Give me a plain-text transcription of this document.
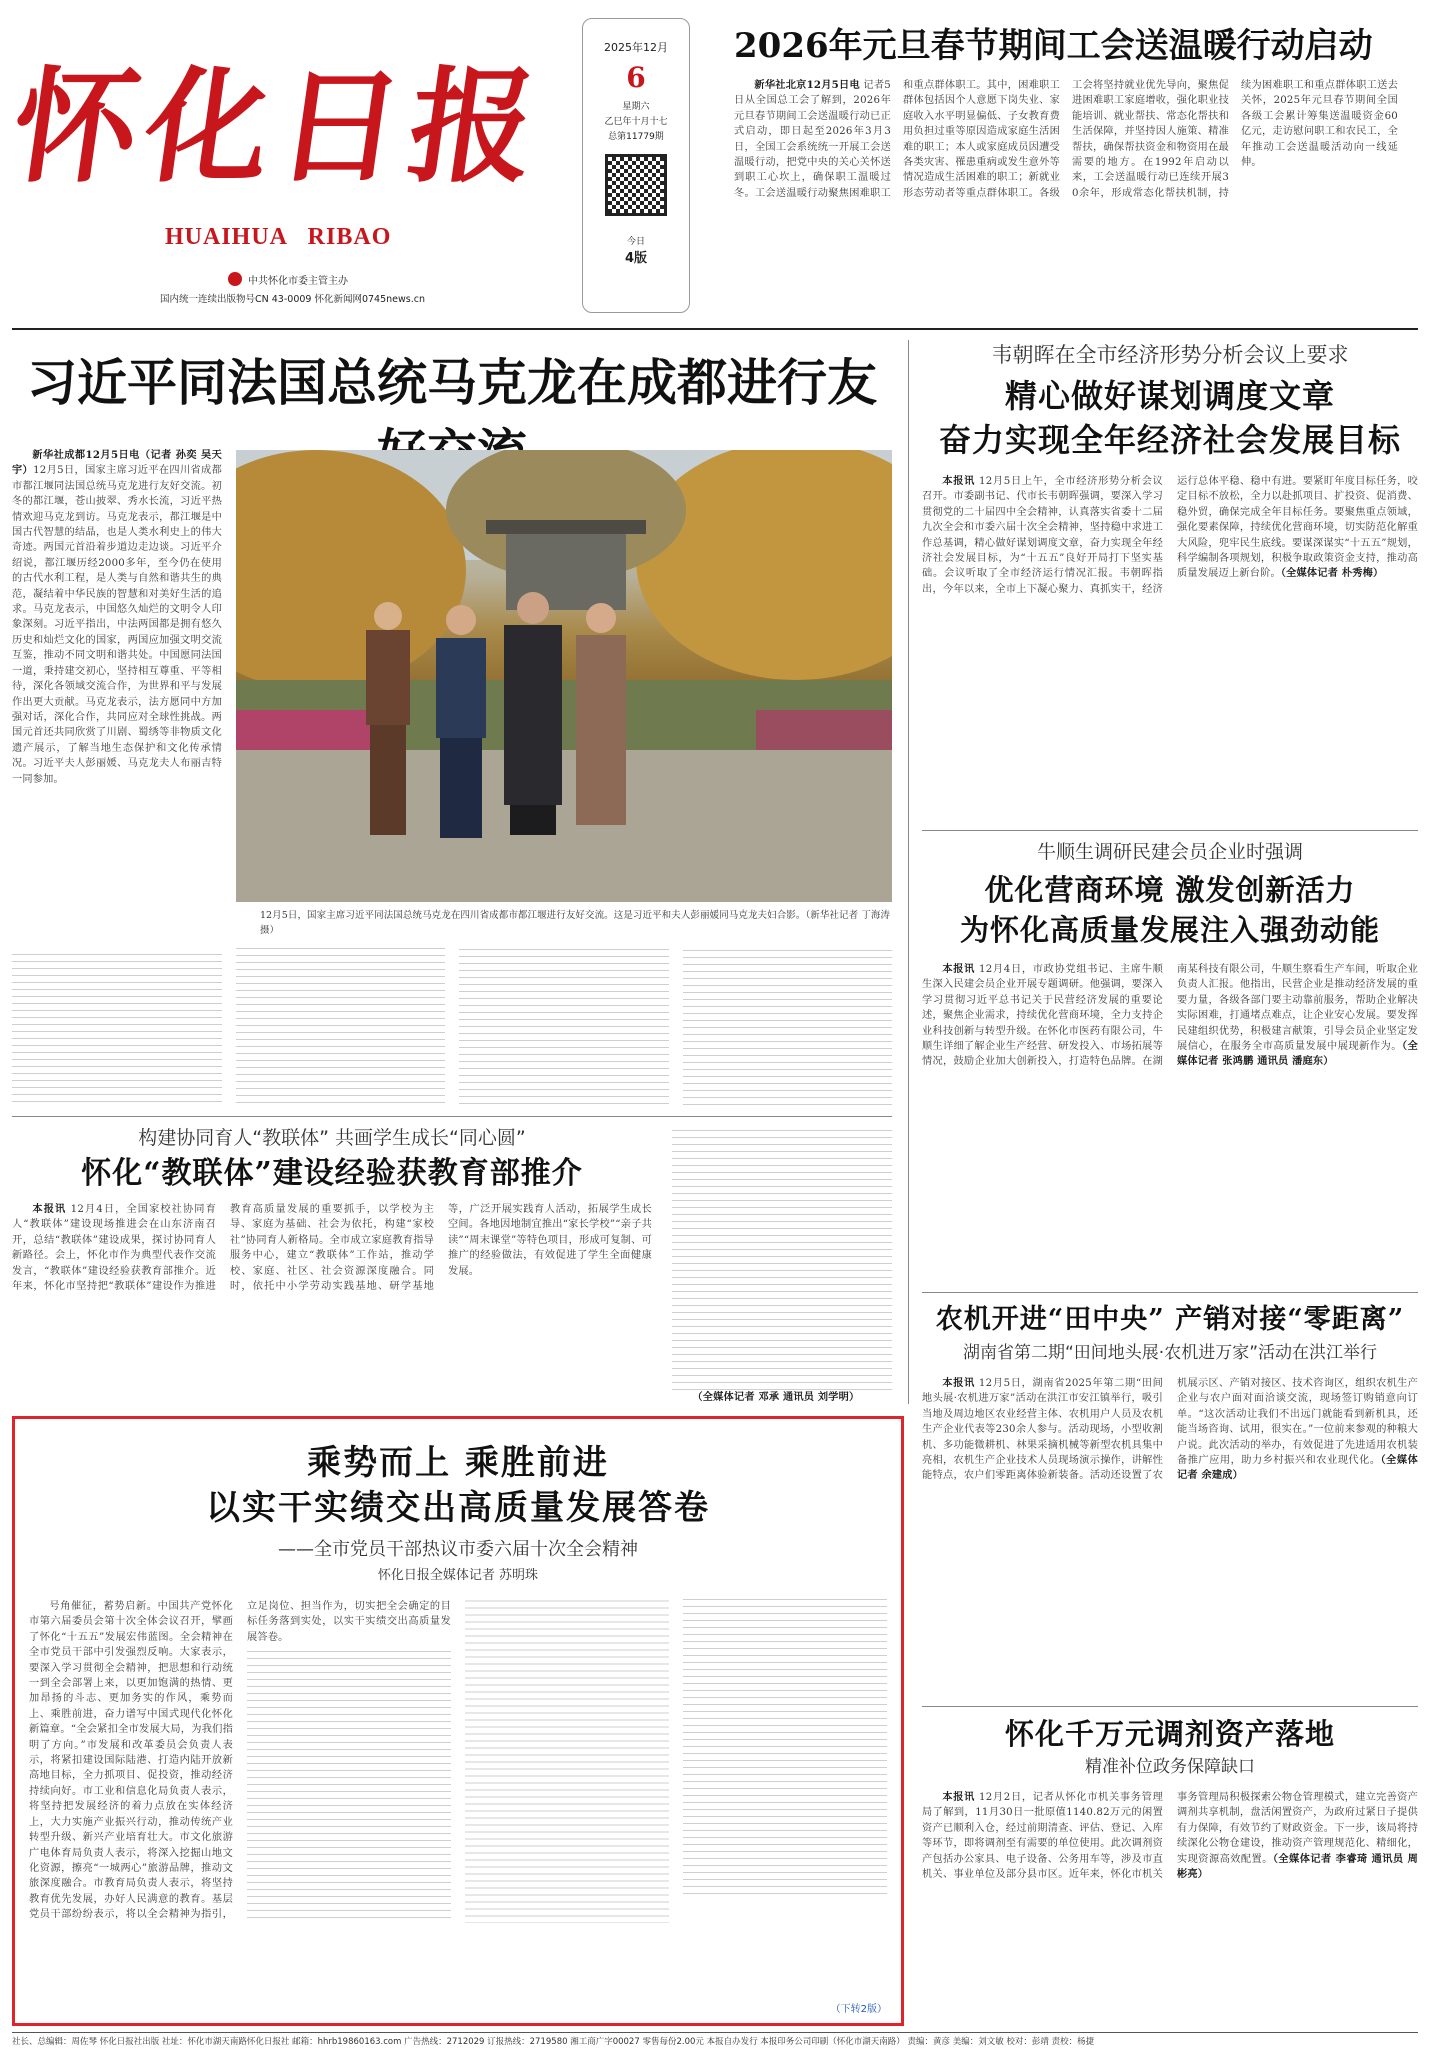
怀化日报
HUAIHUA   RIBAO
中共怀化市委主管主办
国内统一连续出版物号CN 43-0009 怀化新闻网0745news.cn
2025年12月
6
星期六
乙巳年十月十七
总第11779期
今日
4版
2026年元旦春节期间工会送温暖行动启动

新华社北京12月5日电 记者5日从全国总工会了解到，2026年元旦春节期间工会送温暖行动已正式启动，即日起至2026年3月3日，全国工会系统统一开展工会送温暖行动，把党中央的关心关怀送到职工心坎上，确保职工温暖过冬。工会送温暖行动聚焦困难职工和重点群体职工。其中，困难职工群体包括因个人意愿下岗失业、家庭收入水平明显偏低、子女教育费用负担过重等原因造成家庭生活困难的职工；本人或家庭成员因遭受各类灾害、罹患重病或发生意外等情况造成生活困难的职工；新就业形态劳动者等重点群体职工。各级工会将坚持就业优先导向，聚焦促进困难职工家庭增收，强化职业技能培训、就业帮扶、常态化帮扶和生活保障，并坚持因人施策、精准帮扶，确保帮扶资金和物资用在最需要的地方。在1992年启动以来，工会送温暖行动已连续开展30余年，形成常态化帮扶机制，持续为困难职工和重点群体职工送去关怀，2025年元旦春节期间全国各级工会累计筹集送温暖资金60亿元，走访慰问职工和农民工，全年推动工会送温暖活动向一线延伸。

习近平同法国总统马克龙在成都进行友

新华社成都12月5日电（记者 孙奕 吴天宇）12月5日，国家主席习近平在四川省成都市都江堰同法国总统马克龙进行友好交流。初冬的都江堰，苍山披翠、秀水长流，习近平热情欢迎马克龙到访。马克龙表示，都江堰是中国古代智慧的结晶，也是人类水利史上的伟大奇迹。两国元首沿着步道边走边谈。习近平介绍说，都江堰历经2000多年，至今仍在使用的古代水利工程，是人类与自然和谐共生的典范，凝结着中华民族的智慧和对美好生活的追求。马克龙表示，中国悠久灿烂的文明令人印象深刻。习近平指出，中法两国都是拥有悠久历史和灿烂文化的国家，两国应加强文明交流互鉴，推动不同文明和谐共处。中国愿同法国一道，秉持建交初心，坚持相互尊重、平等相待，深化各领域交流合作，为世界和平与发展作出更大贡献。马克龙表示，法方愿同中方加强对话，深化合作，共同应对全球性挑战。两国元首还共同欣赏了川剧、蜀绣等非物质文化遗产展示，了解当地生态保护和文化传承情况。习近平夫人彭丽媛、马克龙夫人布丽吉特一同参加。

12月5日，国家主席习近平同法国总统马克龙在四川省成都市都江堰进行友好交流。这是习近平和夫人彭丽媛同马克龙夫妇合影。（新华社记者 丁海涛 摄）

韦朝晖在全市经济形势分析会议上要求
精心做好谋划调度文章
奋力实现全年经济社会发展目标

本报讯 12月5日上午，全市经济形势分析会议召开。市委副书记、代市长韦朝晖强调，要深入学习贯彻党的二十届四中全会精神，认真落实省委十二届九次全会和市委六届十次全会精神，坚持稳中求进工作总基调，精心做好谋划调度文章，奋力实现全年经济社会发展目标，为“十五五”良好开局打下坚实基础。会议听取了全市经济运行情况汇报。韦朝晖指出，今年以来，全市上下凝心聚力、真抓实干，经济运行总体平稳、稳中有进。要紧盯年度目标任务，咬定目标不放松，全力以赴抓项目、扩投资、促消费、稳外贸，确保完成全年目标任务。要聚焦重点领域，强化要素保障，持续优化营商环境，切实防范化解重大风险，兜牢民生底线。要谋深谋实“十五五”规划，科学编制各项规划，积极争取政策资金支持，推动高质量发展迈上新台阶。（全媒体记者 朴秀梅）

牛顺生调研民建会员企业时强调
优化营商环境 激发创新活力
为怀化高质量发展注入强劲动能

本报讯 12月4日，市政协党组书记、主席牛顺生深入民建会员企业开展专题调研。他强调，要深入学习贯彻习近平总书记关于民营经济发展的重要论述，聚焦企业需求，持续优化营商环境，全力支持企业科技创新与转型升级。在怀化市医药有限公司，牛顺生详细了解企业生产经营、研发投入、市场拓展等情况，鼓励企业加大创新投入，打造特色品牌。在湖南某科技有限公司，牛顺生察看生产车间，听取企业负责人汇报。他指出，民营企业是推动经济发展的重要力量，各级各部门要主动靠前服务，帮助企业解决实际困难，打通堵点难点，让企业安心发展。要发挥民建组织优势，积极建言献策，引导会员企业坚定发展信心，在服务全市高质量发展中展现新作为。（全媒体记者 张鸿鹏 通讯员 潘庭东）

农机开进“田中央” 产销对接“零距离”
湖南省第二期“田间地头展·农机进万家”活动在洪江举行

本报讯 12月5日，湖南省2025年第二期“田间地头展·农机进万家”活动在洪江市安江镇举行，吸引当地及周边地区农业经营主体、农机用户人员及农机生产企业代表等230余人参与。活动现场，小型收割机、多功能微耕机、林果采摘机械等新型农机具集中亮相，农机生产企业技术人员现场演示操作，讲解性能特点，农户们零距离体验新装备。活动还设置了农机展示区、产销对接区、技术咨询区，组织农机生产企业与农户面对面洽谈交流，现场签订购销意向订单。“这次活动让我们不出远门就能看到新机具，还能当场咨询、试用，很实在。”一位前来参观的种粮大户说。此次活动的举办，有效促进了先进适用农机装备推广应用，助力乡村振兴和农业现代化。（全媒体记者 余建成）

怀化千万元调剂资产落地
精准补位政务保障缺口

本报讯 12月2日，记者从怀化市机关事务管理局了解到，11月30日一批原值1140.82万元的闲置资产已顺利入仓，经过前期清查、评估、登记、入库等环节，即将调剂至有需要的单位使用。此次调剂资产包括办公家具、电子设备、公务用车等，涉及市直机关、事业单位及部分县市区。近年来，怀化市机关事务管理局积极探索公物仓管理模式，建立完善资产调剂共享机制，盘活闲置资产，为政府过紧日子提供有力保障，有效节约了财政资金。下一步，该局将持续深化公物仓建设，推动资产管理规范化、精细化，实现资源高效配置。（全媒体记者 李睿琦 通讯员 周彬亮）

构建协同育人“教联体” 共画学生成长“同心圆”
怀化“教联体”建设经验获教育部推介

本报讯 12月4日，全国家校社协同育人“教联体”建设现场推进会在山东济南召开，总结“教联体”建设成果，探讨协同育人新路径。会上，怀化市作为典型代表作交流发言，“教联体”建设经验获教育部推介。近年来，怀化市坚持把“教联体”建设作为推进教育高质量发展的重要抓手，以学校为主导、家庭为基础、社会为依托，构建“家校社”协同育人新格局。全市成立家庭教育指导服务中心，建立“教联体”工作站，推动学校、家庭、社区、社会资源深度融合。同时，依托中小学劳动实践基地、研学基地等，广泛开展实践育人活动，拓展学生成长空间。各地因地制宜推出“家长学校”“亲子共读”“周末课堂”等特色项目，形成可复制、可推广的经验做法，有效促进了学生全面健康发展。

（全媒体记者 邓承 通讯员 刘学明）

乘势而上 乘胜前进
以实干实绩交出高质量发展答卷
——全市党员干部热议市委六届十次全会精神
怀化日报全媒体记者 苏明珠

号角催征，蓄势启新。中国共产党怀化市第六届委员会第十次全体会议召开，擘画了怀化“十五五”发展宏伟蓝图。全会精神在全市党员干部中引发强烈反响。大家表示，要深入学习贯彻全会精神，把思想和行动统一到全会部署上来，以更加饱满的热情、更加昂扬的斗志、更加务实的作风，乘势而上、乘胜前进，奋力谱写中国式现代化怀化新篇章。“全会紧扣全市发展大局，为我们指明了方向。”市发展和改革委员会负责人表示，将紧扣建设国际陆港、打造内陆开放新高地目标，全力抓项目、促投资，推动经济持续向好。市工业和信息化局负责人表示，将坚持把发展经济的着力点放在实体经济上，大力实施产业振兴行动，推动传统产业转型升级、新兴产业培育壮大。市文化旅游广电体育局负责人表示，将深入挖掘山地文化资源，擦亮“一城两心”旅游品牌，推动文旅深度融合。市教育局负责人表示，将坚持教育优先发展，办好人民满意的教育。基层党员干部纷纷表示，将以全会精神为指引，立足岗位、担当作为，切实把全会确定的目标任务落到实处，以实干实绩交出高质量发展答卷。

（下转2版）
社长、总编辑：周佐琴 怀化日报社出版 社址：怀化市湖天南路怀化日报社 邮箱：hhrb19860163.com 广告热线：2712029 订报热线：2719580 湘工商广字00027 零售每份2.00元 本报自办发行 本报印务公司印刷（怀化市湖天南路） 责编：黄彦 美编：刘文敏 校对：彭靖 责校：杨捷
